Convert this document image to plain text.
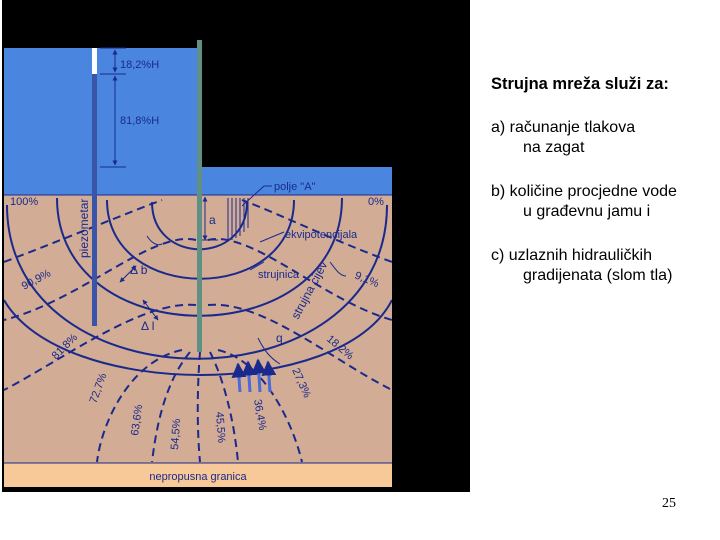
18,2%H
81,8%H
piezometar
polje "A"
a
ekvipotencijala
strujnica
strujna cijev
Δ b
Δ l
q
100%	0%
90,9%
81,8%
72,7%
63,6% 54,5%	45,5% 36,4%
27,3%
18,2%
9,1%
nepropusna granica
Strujna mreža služi za:
a) računanje tlakova
na zagat
b) količine procjedne vode
u građevnu jamu i
c) uzlaznih hidrauličkih
gradijenata (slom tla)
25
